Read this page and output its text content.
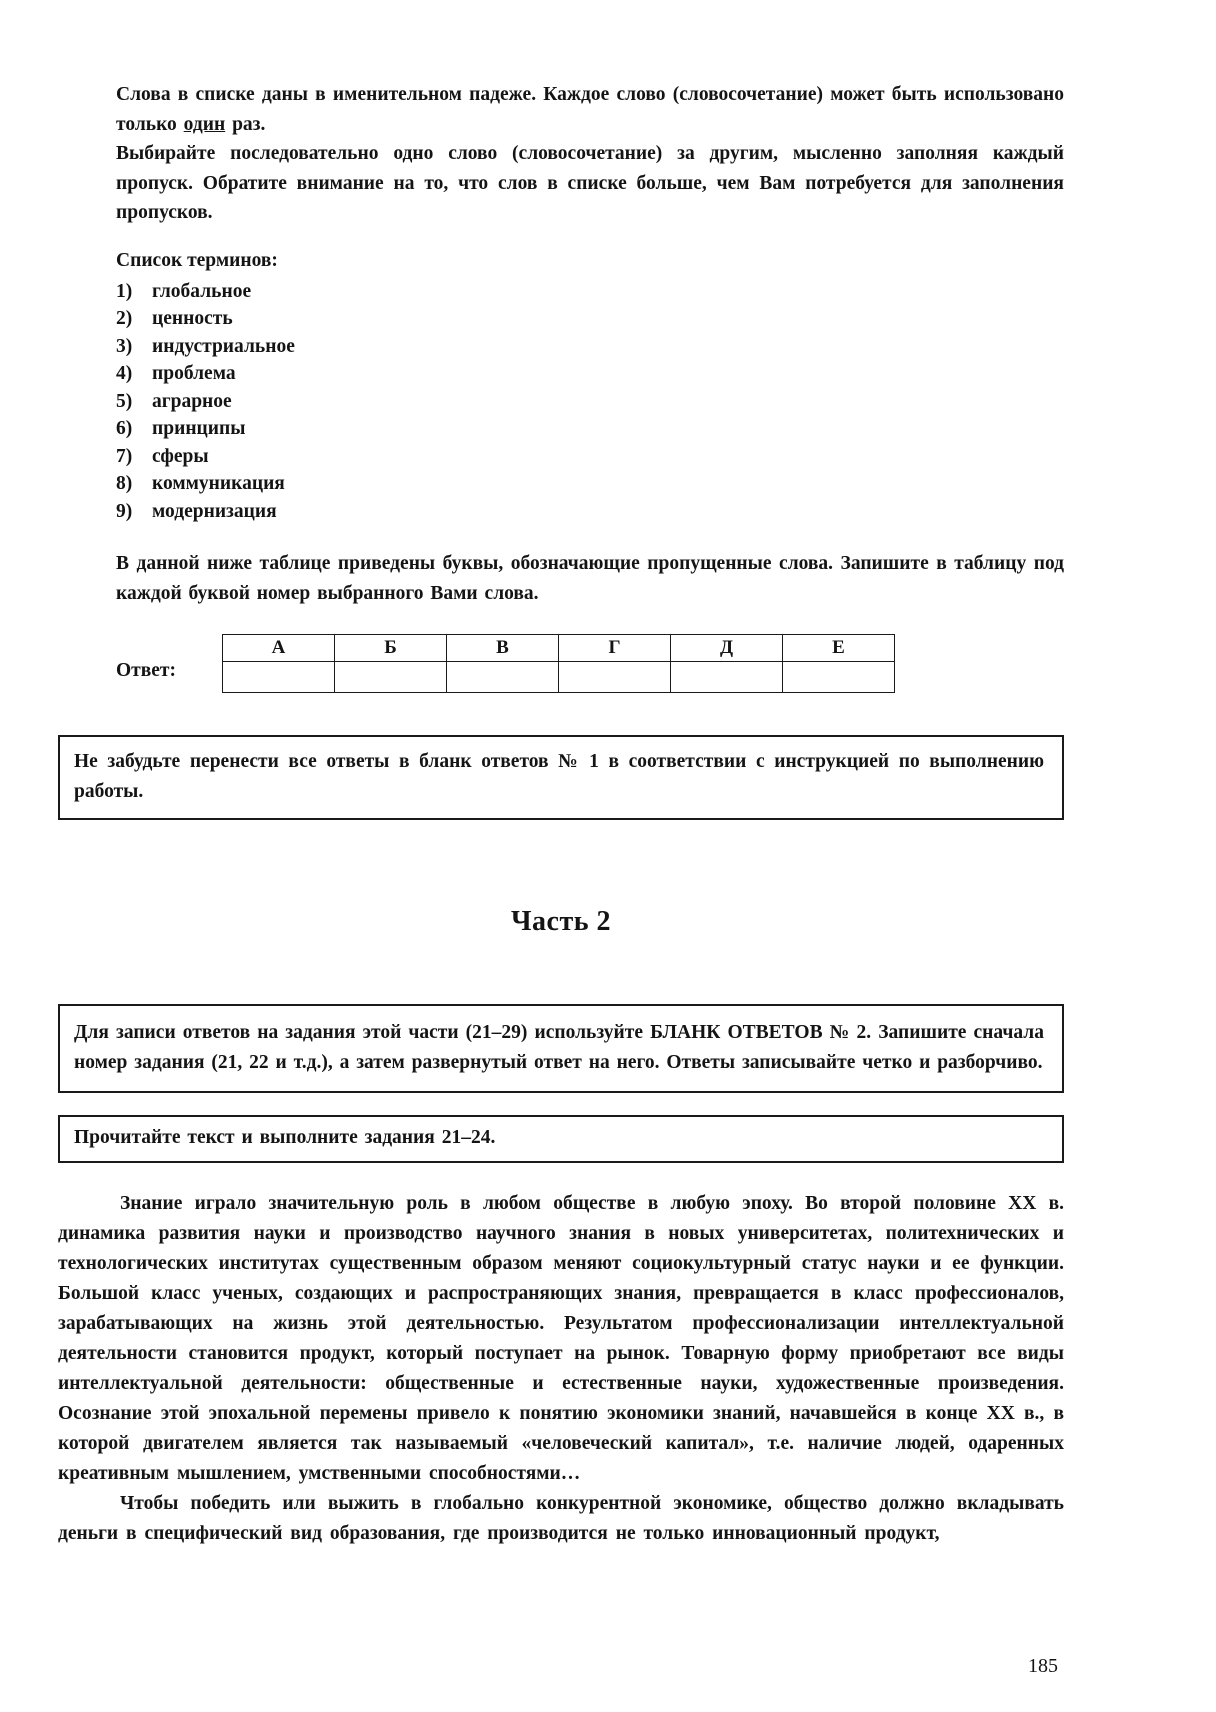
Слова в списке даны в именительном падеже. Каждое слово (словосочетание) может быть использовано только один раз.

Выбирайте последовательно одно слово (словосочетание) за другим, мысленно заполняя каждый пропуск. Обратите внимание на то, что слов в списке больше, чем Вам потребуется для заполнения пропусков.

Список терминов:
1)	глобальное
2)	ценность
3)	индустриальное
4)	проблема
5)	аграрное
6)	принципы
7)	сферы
8)	коммуникация
9)	модернизация

В данной ниже таблице приведены буквы, обозначающие пропущенные слова. Запишите в таблицу под каждой буквой номер выбранного Вами слова.

Ответ:
А	Б	В	Г	Д	Е

Не забудьте перенести все ответы в бланк ответов № 1 в соответствии с инструкцией по выполнению работы.

Часть 2

Для записи ответов на задания этой части (21–29) используйте БЛАНК ОТВЕТОВ № 2. Запишите сначала номер задания (21, 22 и т.д.), а затем развернутый ответ на него. Ответы записывайте четко и разборчиво.

Прочитайте текст и выполните задания 21–24.

Знание играло значительную роль в любом обществе в любую эпоху. Во второй половине XX в. динамика развития науки и производство научного знания в новых университетах, политехнических и технологических институтах существенным образом меняют социокультурный статус науки и ее функции. Большой класс ученых, создающих и распространяющих знания, превращается в класс профессионалов, зарабатывающих на жизнь этой деятельностью. Результатом профессионализации интеллектуальной деятельности становится продукт, который поступает на рынок. Товарную форму приобретают все виды интеллектуальной деятельности: общественные и естественные науки, художественные произведения. Осознание этой эпохальной перемены привело к понятию экономики знаний, начавшейся в конце XX в., в которой двигателем является так называемый «человеческий капитал», т.е. наличие людей, одаренных креативным мышлением, умственными способностями…

Чтобы победить или выжить в глобально конкурентной экономике, общество должно вкладывать деньги в специфический вид образования, где производится не только инновационный продукт,

185
